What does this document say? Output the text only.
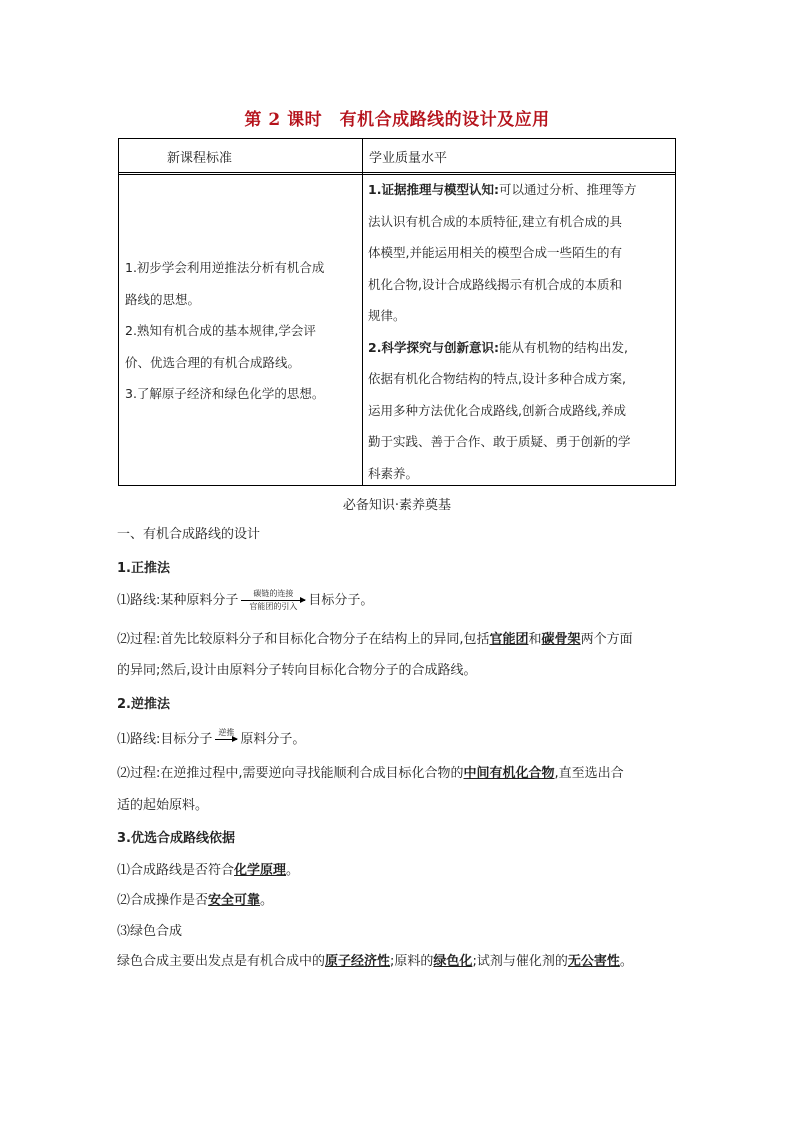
第 2 课时　有机合成路线的设计及应用
新课程标准	学业质量水平

1.初步学会利用逆推法分析有机合成

路线的思想。

2.熟知有机合成的基本规律,学会评

价、优选合理的有机合成路线。

3.了解原子经济和绿色化学的思想。

1.证据推理与模型认知:可以通过分析、推理等方

法认识有机合成的本质特征,建立有机合成的具

体模型,并能运用相关的模型合成一些陌生的有

机化合物,设计合成路线揭示有机合成的本质和

规律。

2.科学探究与创新意识:能从有机物的结构出发,

依据有机化合物结构的特点,设计多种合成方案,

运用多种方法优化合成路线,创新合成路线,养成

勤于实践、善于合作、敢于质疑、勇于创新的学

科素养。

必备知识·素养奠基
一、有机合成路线的设计
1.正推法
⑴路线:某种原料分子	碳链的连接
官能团的引入 目标分子。
⑵过程:首先比较原料分子和目标化合物分子在结构上的异同,包括官能团和碳骨架两个方面
的异同;然后,设计由原料分子转向目标化合物分子的合成路线。
2.逆推法
⑴路线:目标分子 逆推 原料分子。
⑵过程:在逆推过程中,需要逆向寻找能顺利合成目标化合物的中间有机化合物,直至选出合
适的起始原料。
3.优选合成路线依据
⑴合成路线是否符合化学原理。
⑵合成操作是否安全可靠。
⑶绿色合成
绿色合成主要出发点是有机合成中的原子经济性;原料的绿色化;试剂与催化剂的无公害性。
